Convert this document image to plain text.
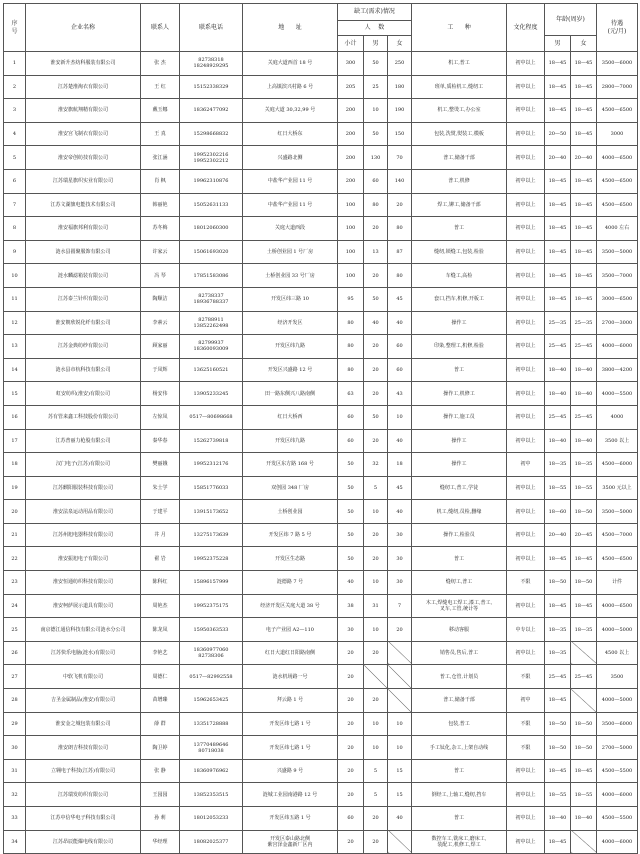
序
号	企业名称	联系人	联系电话	地      址	缺工(需求)情况			工      种	文化程度	年龄(周岁)		待遇
(元/月)
					人    数							
					小计	男	女			男	女	
1	淮安新升杰纺科服装有限公司	张 杰	82738318
18248929295	关庭大道西首 18 号	300	50	250	机工,普工	初中以上	18—45	18—45	3500—6000
2	江苏楚淮淘衣有限公司	王 红	15152338329	上高镇滨兴村路 6 号	205	25	180	班单,质检机工,缝纫工	初中以上	18—45	18—45	2800—7000
3	淮安旗航翔精有限公司	戴玉娜	18362477092	关庭大道 30,32,99 号	200	10	190	机工,整烫工,办公室	初中以上	18—45	18—45	4500—6500
4	淮安宫飞制衣有限公司	王 真	15298668832	红日大桥东	200	50	150	包装,洗熨,熨装工,模板	初中以上	20—50	18—45	3000
5	淮安帝创纺技有限公司	张江涵	19952302216
19952302212	兴盛路北侧	200	130	70	普工,储备干部	初中以上	20—40	20—40	4000—6500
6	江苏瑞星旗织实业有限公司	肖 枫	19962310876	中盐华产业园 11 号	200	60	140	普工,机修	初中以上	18—45	18—45	4500—6500
7	江苏文湖旗电能技术有限公司	韩丽艳	15052631133	中盐华产业园 11 号	100	80	20	焊工,铆工,储备干部	初中以上	18—45	18—45	4500—6500
8	淮安福旗邦利有限公司	苏冬梅	18012060300	关庭大道西段	100	20	80	普工	初中以上	18—45	18—45	4000 左右
9	涟水县圆聚服饰有限公司	许家云	15061693020	土桥创业园 1 号厂房	100	13	87	缝纫,锁缝工,包装,检验	初中以上	18—45	18—45	3500—5000
10	涟水麟滤箱装有限公司	冯 琴	17851583086	土桥创业园 33 号厂房	100	20	80	车缝工,高检	初中以上	18—45	18—45	3500—7000
11	江苏泰兰针织有限公司	陶顺洁	82738337
18936788337	开发区纬三路 10	95	50	45	套口,挡车,机修,开板工	初中以上	18—45	18—45	3000—6500
12	淮安朝欣锐化纤有限公司	李素云	82788911
13852262498	经济开发区	80	40	40	操作工	初中以上	25—35	25—35	2700—3000
13	江苏金典纺纱有限公司	顾家丽	82799937
18360093009	开发区纬九路	80	20	60	印染,整理工,机修,检验	初中以上	25—45	25—45	4000—6000
14	涟水县市杭科技有限公司	于凤辉	13625160521	开发区兴盛路 12 号	80	20	60	普工	初中以上	18—40	18—40	3800—4200
15	虹安纺织(淮安)有限公司	杨安伟	13905233245	田一路东侧兴八路南侧	63	20	43	操作工,机修工	初中以上	18—40	18—40	4000—5500
16	苏有管来鑫工科技股份有限公司	左惊凤	0517—80698668	红日大桥西	60	50	10	操作工,施工员	初中以上	25—45	25—45	4000
17	江苏普丽力枪股有限公司	秦华春	15262739818	开发区纬九路	60	20	40	操作工	初中以上	18—40	18—40	3500 以上
18	汉门电子(江苏)有限公司	樊丽娥	19952312176	开发区东方路 168 号	50	32	18	操作工	初中	18—35	18—35	4500—6000
19	江苏麒阳服装科技有限公司	朱士学	15851776033	双创园 348 厂房	50	5	45	缝纫工,普工,学徒	初中以上	18—55	18—55	3500 元以上
20	淮安法泉运动用品有限公司	于建平	13915173652	土桥创业园	50	10	40	机工,缝纫,员检,删缘	初中以上	18—60	18—50	3500—5000
21	江苏州旭电器科技有限公司	井 月	13275173639	开发区纬 7 路 5 号	50	20	30	操作工,检验员	初中以上	20—40	20—45	4500—7000
22	淮安振旭电子有限公司	翟 岩	19952375228	开发区生态路	50	20	30	普工	初中以上	18—45	18—45	4500—6500
23	淮安恒通纺织科技有限公司	陈科红	15896157999	涟德路 7 号	40	10	30	缝纫工,普工	不限	18—50	18—50	计件
24	淮安柯萨展示道具有限公司	周艳杰	19952375175	经济开发区关庭大道 38 号	38	31	7	木工,焊缝电工焊工,漆工,普工,
叉车,工管,统计等	初中以上	18—45	18—45	4000—6500
25	南京德江通信科技有限公司涟水分公司	陈龙凤	15950363533	电子产业园 A2—110	30	10	20	移动客服	中专以上	18—35	18—35	4000—5000
26	江苏快乐电脑(涟水)有限公司	李艳艺	18360977060
82738306	红日大道红日阳路南侧	20	20		销售员,售后,普工	初中以上	18—35		4500 以上
27	中软飞机有限公司	周德仁	0517—82992558	涟水机场路一号	20			普工,仓管,计划员	不限	25—45	25—45	3500
28	吉圣金属制品(淮安)有限公司	苗增臻	15962653425	拜云路 1 号	20	20		普工,储备干部	初中	18—45		4000—5000
29	淮安金之城包装有限公司	薛 群	13351728888	开发区纬七路 1 号	20	10	10	包装,普工	不限	18—50	18—50	3500—6000
30	淮安朗吉科技有限公司	陶卫婷	13770489646
80718038	开发区纬七路 1 号	20	10	10	手工钛化,杂工,上架自动线	不限	18—50	18—50	2700—5000
31	立翱电子科技(江苏)有限公司	张 静	18360976962	兴盛路 9 号	20	5	15	普工	初中以上	18—45	18—45	4500—5500
32	江苏瑞发纺织有限公司	王园园	13852353515	涟城工业园南港路 12 号	20	5	15	倒经工,上轴工,缝纫,挡车	初中以上	18—55	18—55	4000—6000
33	江苏中信华电子科技有限公司	孙 莉	18012053233	开发区纬五路 1 号	60	20	40	普工	初中以上	18—40	18—40	4500—5500
34	江苏昂辰能爆电线有限公司	华经理	18082025377	开发区泰山路北侧
紫宫泽金鑫新厂区内	20	20		数控车工,铣床工,磨床工,
装配工,机修工,焊工	初中以上	18—45		4000—6000
